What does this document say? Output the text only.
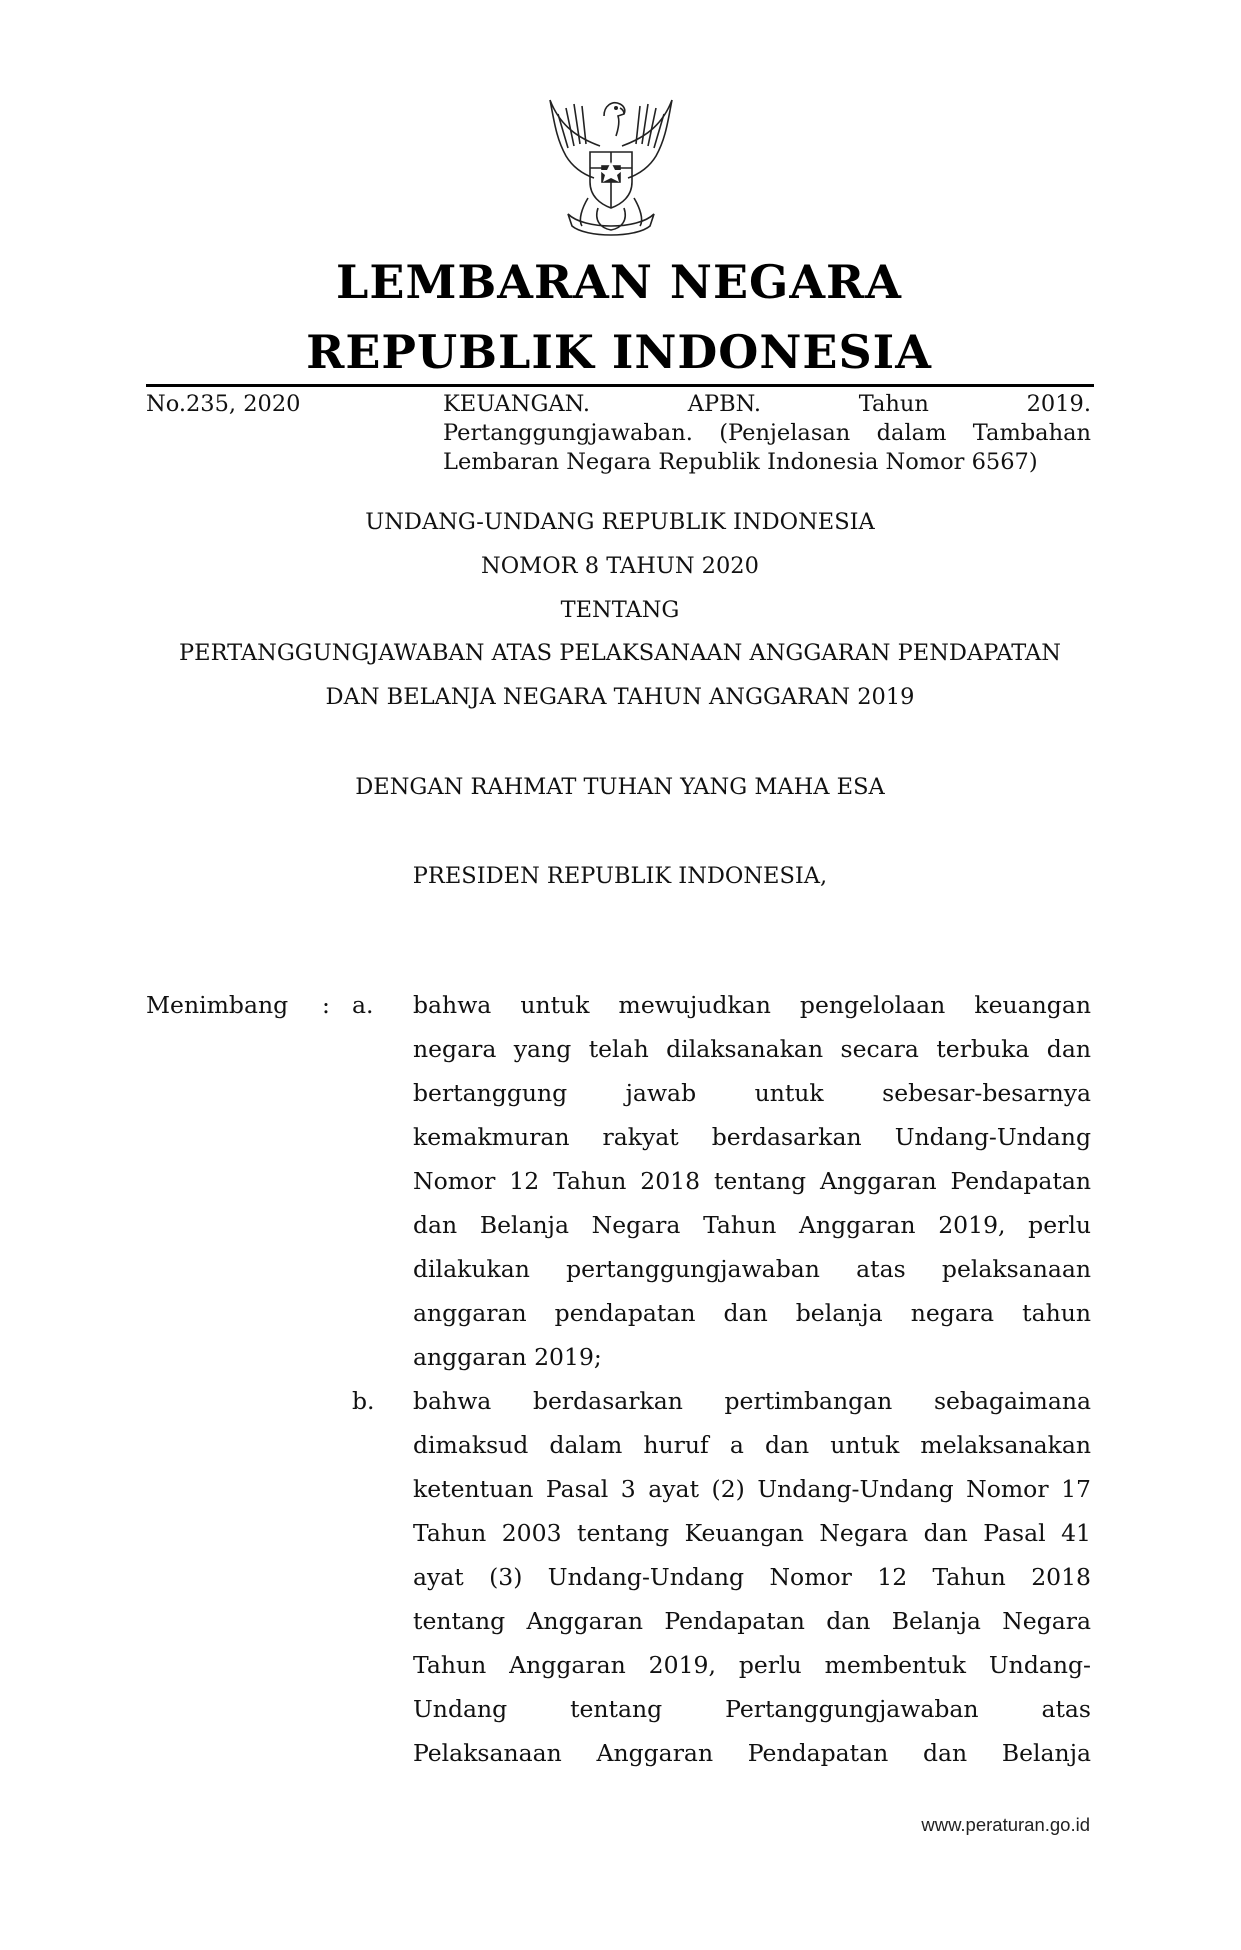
LEMBARAN NEGARA
REPUBLIK INDONESIA
No.235, 2020	KEUANGAN. APBN. Tahun 2019.
Pertanggungjawaban. (Penjelasan dalam Tambahan
Lembaran Negara Republik Indonesia Nomor 6567)
UNDANG-UNDANG REPUBLIK INDONESIA
NOMOR 8 TAHUN 2020
TENTANG
PERTANGGUNGJAWABAN ATAS PELAKSANAAN ANGGARAN PENDAPATAN
DAN BELANJA NEGARA TAHUN ANGGARAN 2019
DENGAN RAHMAT TUHAN YANG MAHA ESA
PRESIDEN REPUBLIK INDONESIA,
Menimbang : a. bahwa untuk mewujudkan pengelolaan keuangan
negara yang telah dilaksanakan secara terbuka dan
bertanggung jawab untuk sebesar-besarnya
kemakmuran rakyat berdasarkan Undang-Undang
Nomor 12 Tahun 2018 tentang Anggaran Pendapatan
dan Belanja Negara Tahun Anggaran 2019, perlu
dilakukan pertanggungjawaban atas pelaksanaan
anggaran pendapatan dan belanja negara tahun
anggaran 2019;
b. bahwa berdasarkan pertimbangan sebagaimana
dimaksud dalam huruf a dan untuk melaksanakan
ketentuan Pasal 3 ayat (2) Undang-Undang Nomor 17
Tahun 2003 tentang Keuangan Negara dan Pasal 41
ayat (3) Undang-Undang Nomor 12 Tahun 2018
tentang Anggaran Pendapatan dan Belanja Negara
Tahun Anggaran 2019, perlu membentuk Undang-
Undang tentang Pertanggungjawaban atas
Pelaksanaan Anggaran Pendapatan dan Belanja
www.peraturan.go.id
